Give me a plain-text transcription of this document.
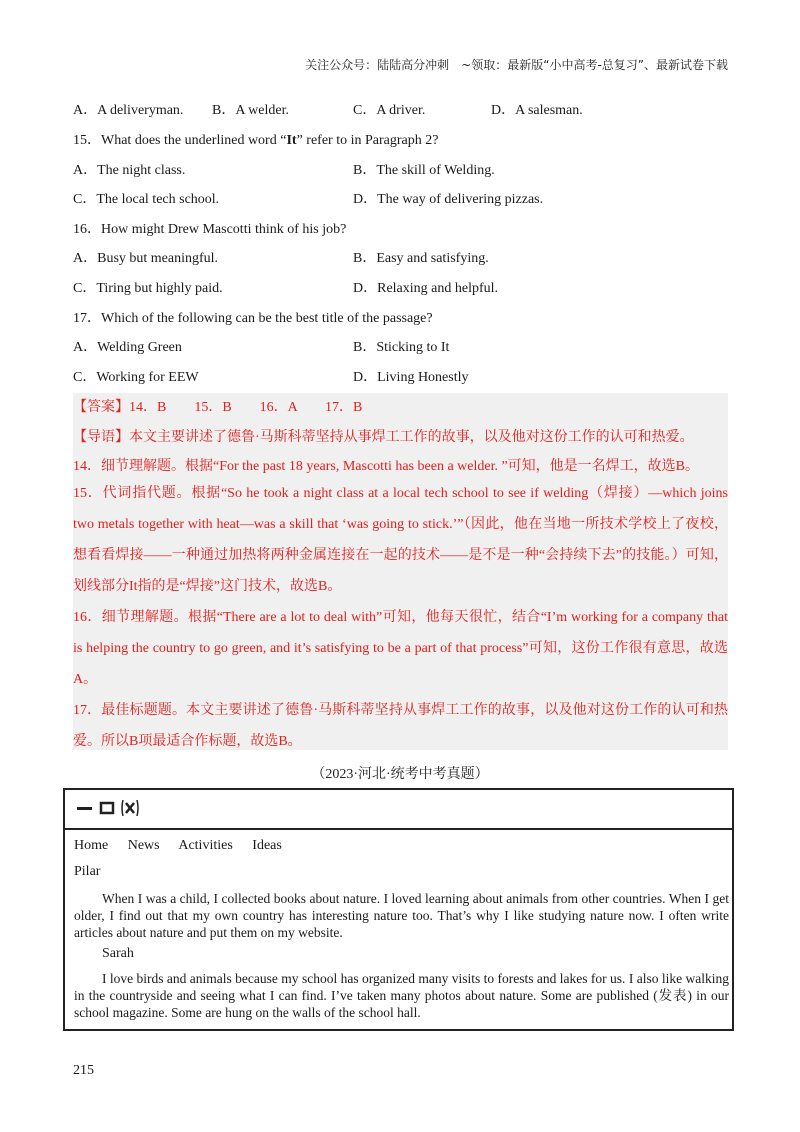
关注公众号：陆陆高分冲刺　~领取：最新版“小中高考-总复习”、最新试卷下载
A．A deliveryman. B．A welder.	C．A driver.	D．A salesman.
15．What does the underlined word “It” refer to in Paragraph 2?
A．The night class.	B．The skill of Welding.
C．The local tech school.	D．The way of delivering pizzas.
16．How might Drew Mascotti think of his job?
A．Busy but meaningful.	B．Easy and satisfying.
C．Tiring but highly paid.	D．Relaxing and helpful.
17．Which of the following can be the best title of the passage?
A．Welding Green	B．Sticking to It
C．Working for EEW	D．Living Honestly
【答案】14．B　　15．B　　16．A　　17．B
【导语】本文主要讲述了德鲁·马斯科蒂坚持从事焊工工作的故事，以及他对这份工作的认可和热爱。
14．细节理解题。根据“For the past 18 years, Mascotti has been a welder. ”可知，他是一名焊工，故选B。
15．代词指代题。根据“So he took a night class at a local tech school to see if welding（焊接）—which joins two metals together with heat—was a skill that ‘was going to stick.’”（因此，他在当地一所技术学校上了夜校，想看看焊接——一种通过加热将两种金属连接在一起的技术——是不是一种“会持续下去”的技能。）可知，划线部分It指的是“焊接”这门技术，故选B。
16．细节理解题。根据“There are a lot to deal with”可知，他每天很忙，结合“I’m working for a company that is helping the country to go green, and it’s satisfying to be a part of that process”可知，这份工作很有意思，故选A。
17．最佳标题题。本文主要讲述了德鲁·马斯科蒂坚持从事焊工工作的故事，以及他对这份工作的认可和热爱。所以B项最适合作标题，故选B。
（2023·河北·统考中考真题）
Home News Activities Ideas
Pilar
When I was a child, I collected books about nature. I loved learning about animals from other countries. When I get older, I find out that my own country has interesting nature too. That’s why I like studying nature now. I often write articles about nature and put them on my website.
Sarah
I love birds and animals because my school has organized many visits to forests and lakes for us. I also like walking in the countryside and seeing what I can find. I’ve taken many photos about nature. Some are published (发表) in our school magazine. Some are hung on the walls of the school hall.
215
